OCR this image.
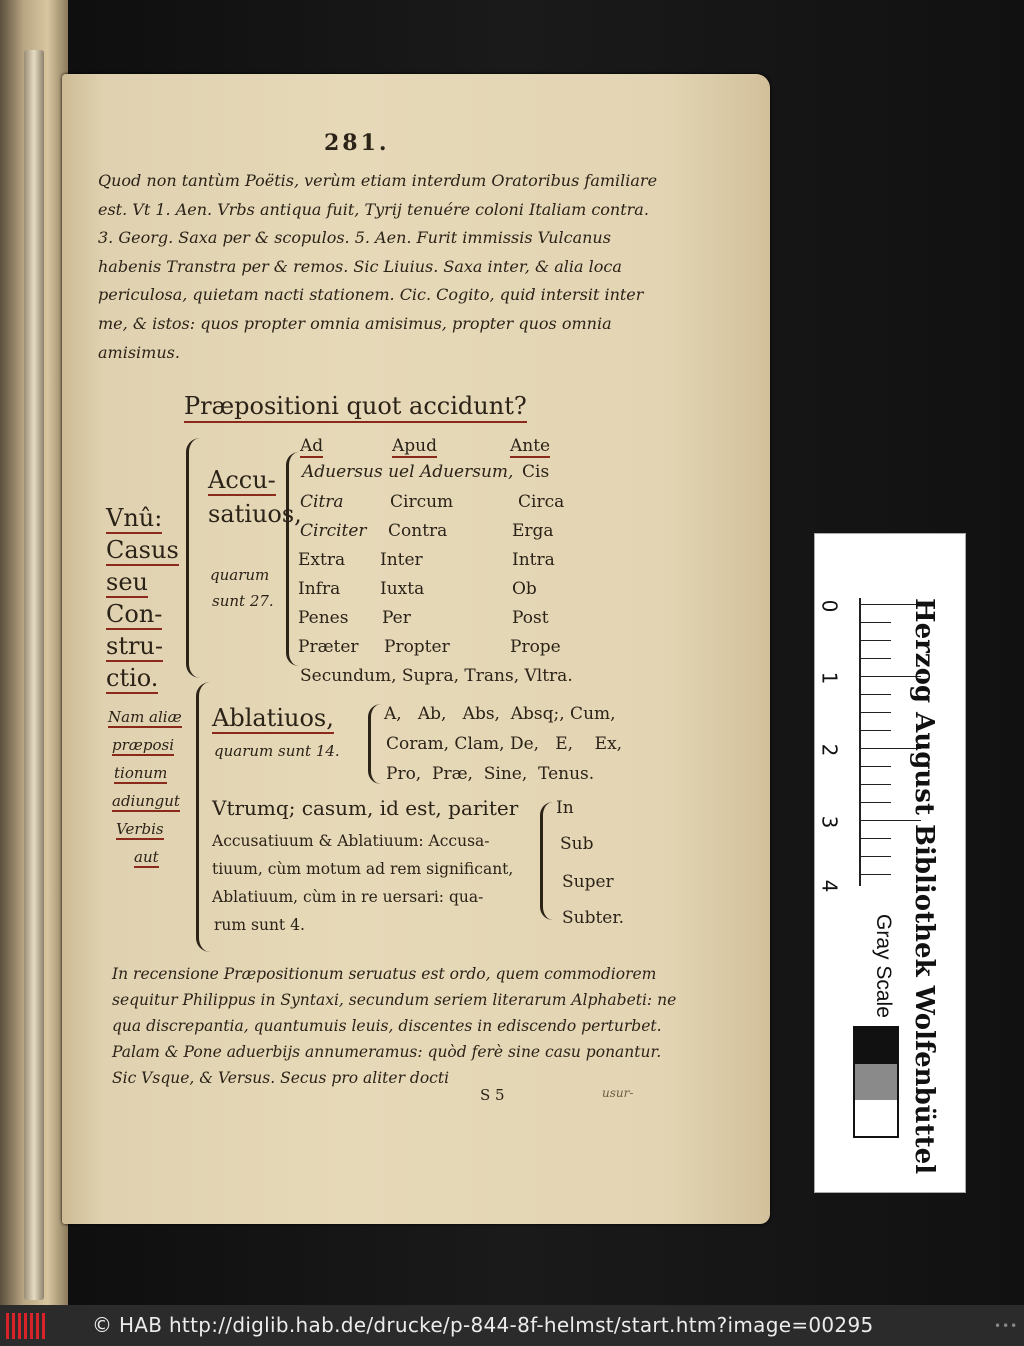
281.

Quod non tantùm Poëtis, verùm etiam interdum Oratoribus familiare est. Vt 1. Aen. Vrbs antiqua fuit, Tyrij tenuére coloni Italiam contra. 3. Georg. Saxa per & scopulos. 5. Aen. Furit immissis Vulcanus habenis Transtra per & remos. Sic Liuius. Saxa inter, & alia loca periculosa, quietam nacti stationem. Cic. Cogito, quid intersit inter me, & istos: quos propter omnia amisimus, propter quos omnia amisimus.

Præpositioni quot accidunt?
Vnû:
Casus
seu
Con-
stru-
ctio.
Nam aliæ
præposi
tionum
adiungut
Verbis
aut
Accu-
satiuos,
quarum
sunt 27.
Ad	Apud	Ante
Aduersus uel Aduersum, Cis
Citra	Circum	Circa
Circiter Contra	Erga
Extra Inter	Intra
Infra Iuxta	Ob
Penes Per	Post
Præter Propter	Prope
Secundum, Supra, Trans, Vltra.
Ablatiuos,
quarum sunt 14.
A,   Ab,   Abs,  Absq;, Cum,
Coram, Clam, De,   E,    Ex,
Pro,  Præ,  Sine,  Tenus.
Vtrumq; casum, id est, pariter
Accusatiuum & Ablatiuum: Accusa-
tiuum, cùm motum ad rem significant,
Ablatiuum, cùm in re uersari: qua-
rum sunt 4.
In
Sub
Super
Subter.

In recensione Præpositionum seruatus est ordo, quem commodiorem sequitur Philippus in Syntaxi, secundum seriem literarum Alphabeti: ne qua discrepantia, quantumuis leuis, discentes in ediscendo perturbet. Palam & Pone aduerbijs annumeramus: quòd ferè sine casu ponantur. Sic Vsque, & Versus. Secus pro aliter docti

S 5	usur-
0
1
2
3
4	Herzog August Bibliothek Wolfenbüttel
Gray Scale
© HAB http://diglib.hab.de/drucke/p-844-8f-helmst/start.htm?image=00295	•••
